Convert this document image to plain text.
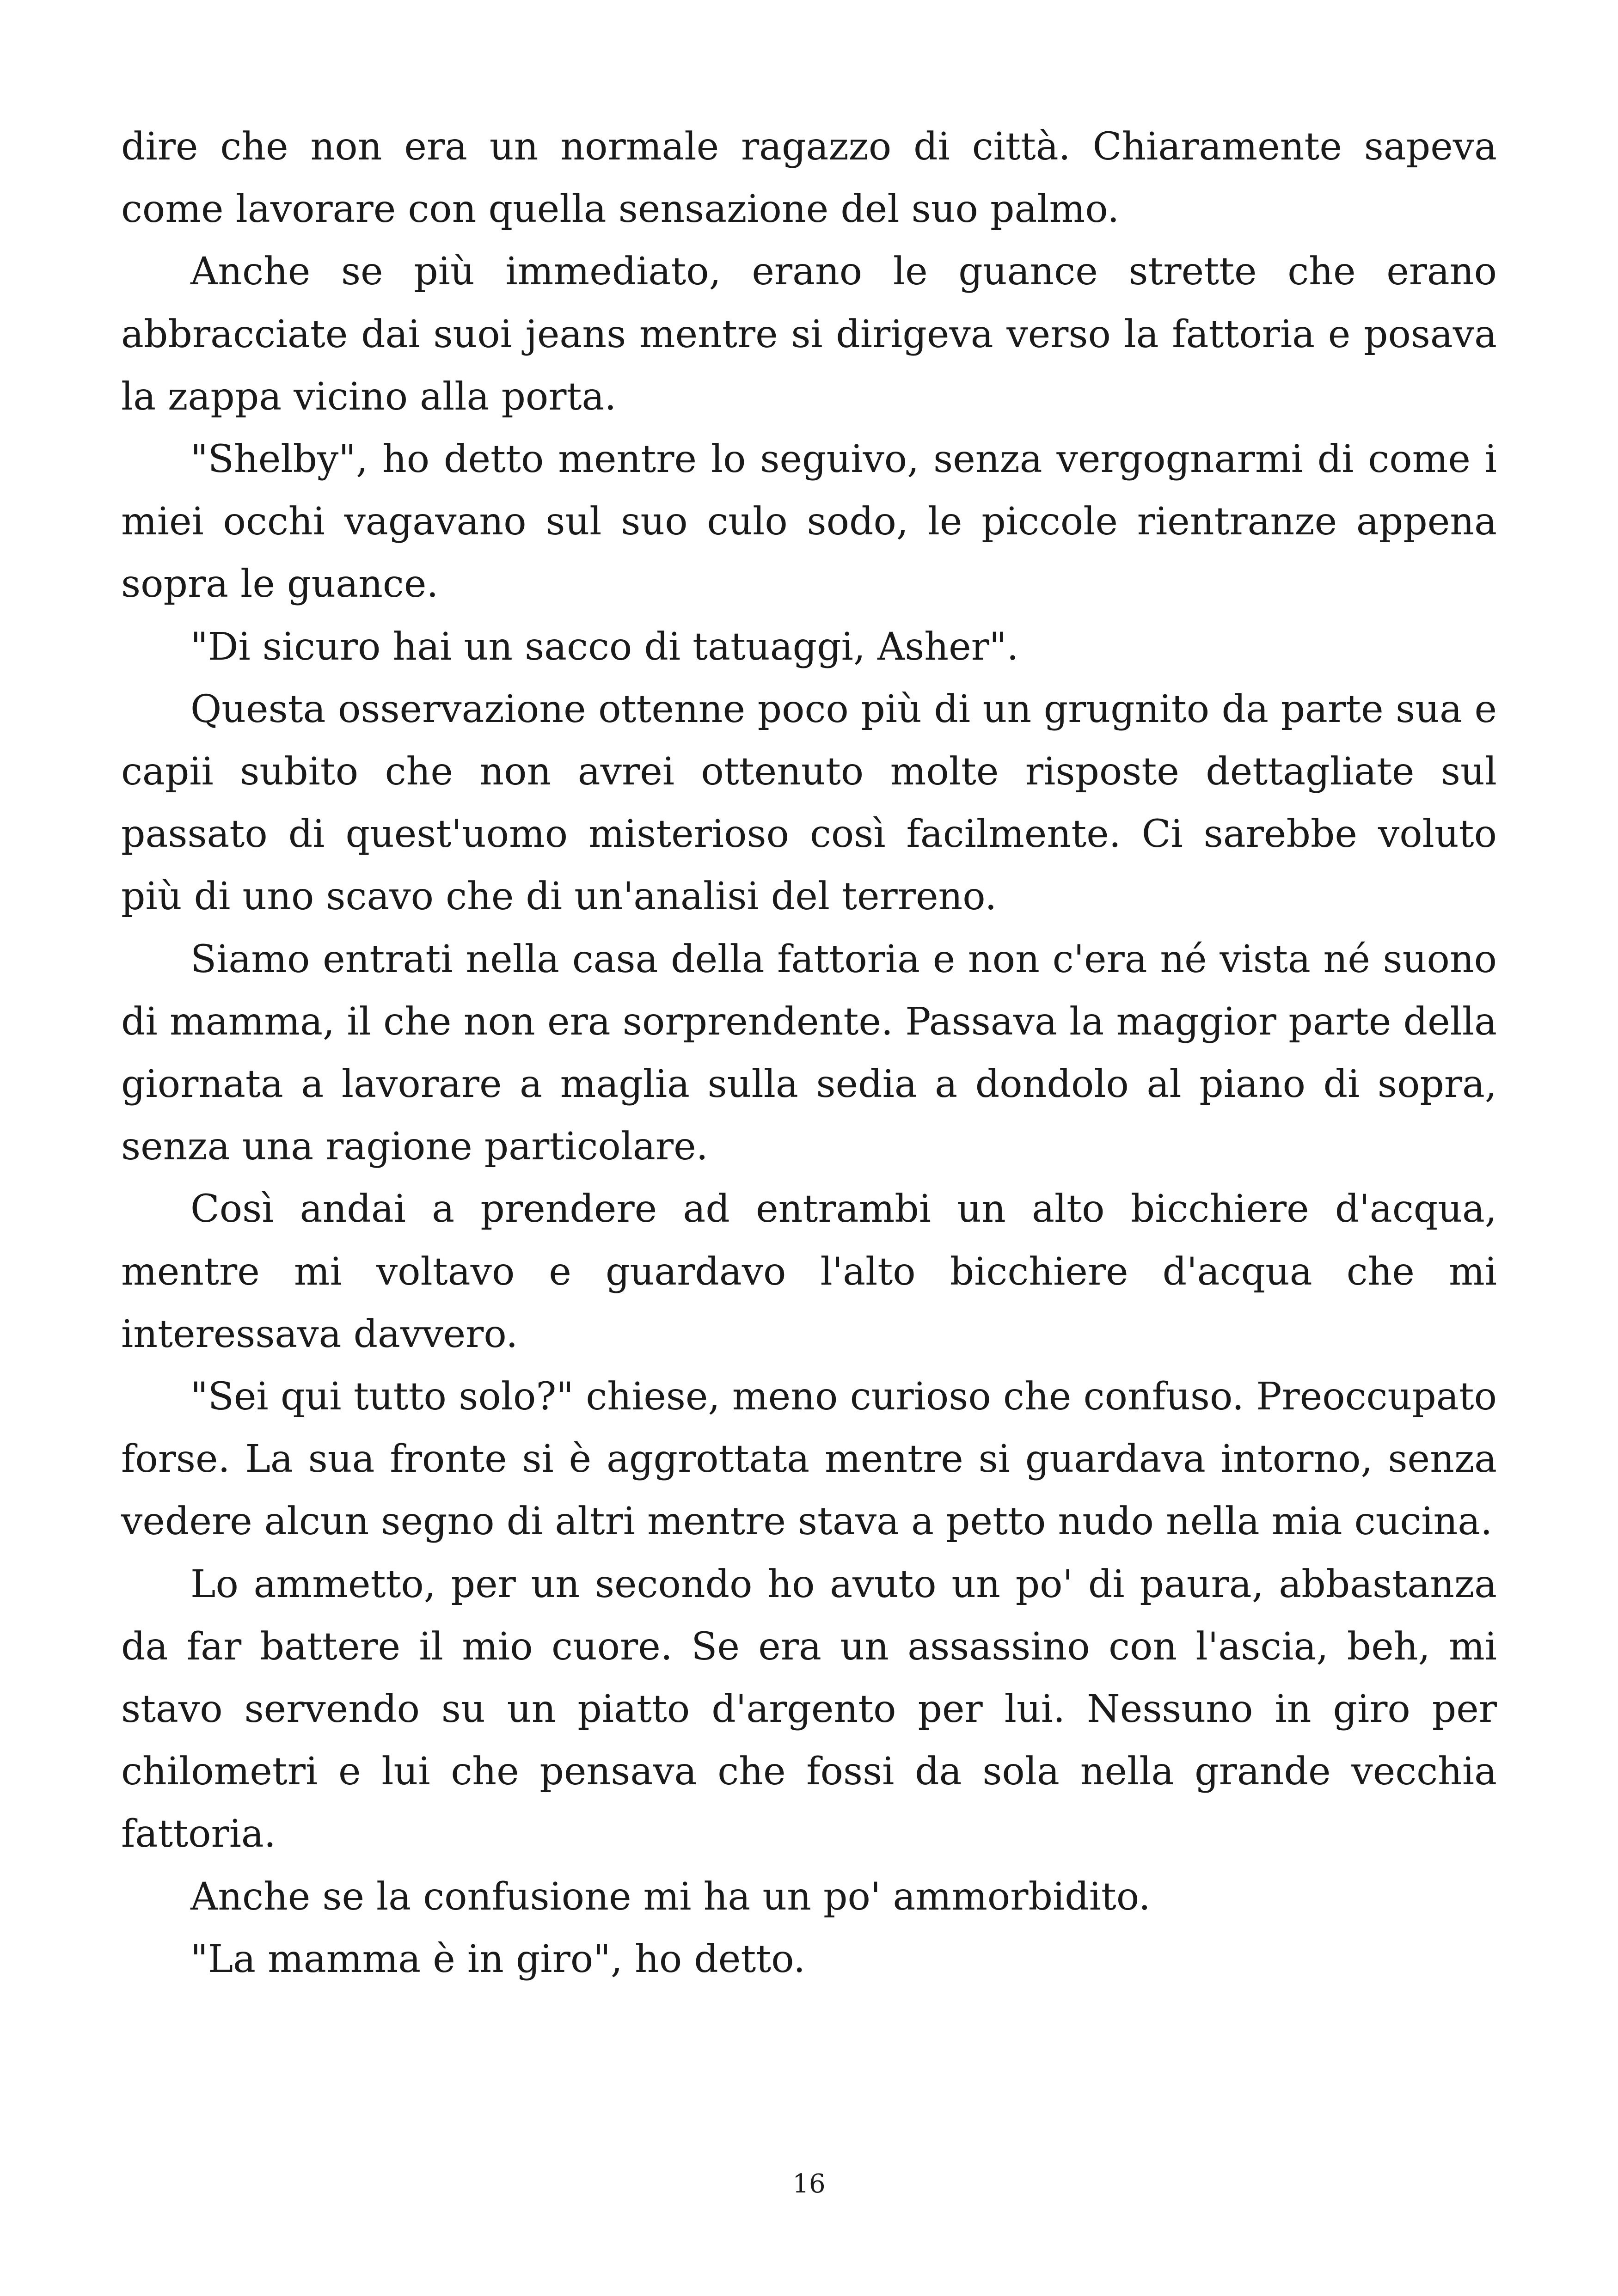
dire che non era un normale ragazzo di città. Chiaramente sapeva come lavorare con quella sensazione del suo palmo.

Anche se più immediato, erano le guance strette che erano abbracciate dai suoi jeans mentre si dirigeva verso la fattoria e posava la zappa vicino alla porta.

"Shelby", ho detto mentre lo seguivo, senza vergognarmi di come i miei occhi vagavano sul suo culo sodo, le piccole rientranze appena sopra le guance.

"Di sicuro hai un sacco di tatuaggi, Asher".

Questa osservazione ottenne poco più di un grugnito da parte sua e capii subito che non avrei ottenuto molte risposte dettagliate sul passato di quest'uomo misterioso così facilmente. Ci sarebbe voluto più di uno scavo che di un'analisi del terreno.

Siamo entrati nella casa della fattoria e non c'era né vista né suono di mamma, il che non era sorprendente. Passava la maggior parte della giornata a lavorare a maglia sulla sedia a dondolo al piano di sopra, senza una ragione particolare.

Così andai a prendere ad entrambi un alto bicchiere d'acqua, mentre mi voltavo e guardavo l'alto bicchiere d'acqua che mi interessava davvero.

"Sei qui tutto solo?" chiese, meno curioso che confuso. Preoccupato forse. La sua fronte si è aggrottata mentre si guardava intorno, senza vedere alcun segno di altri mentre stava a petto nudo nella mia cucina.

Lo ammetto, per un secondo ho avuto un po' di paura, abbastanza da far battere il mio cuore. Se era un assassino con l'ascia, beh, mi stavo servendo su un piatto d'argento per lui. Nessuno in giro per chilometri e lui che pensava che fossi da sola nella grande vecchia fattoria.

Anche se la confusione mi ha un po' ammorbidito.

"La mamma è in giro", ho detto.

16
